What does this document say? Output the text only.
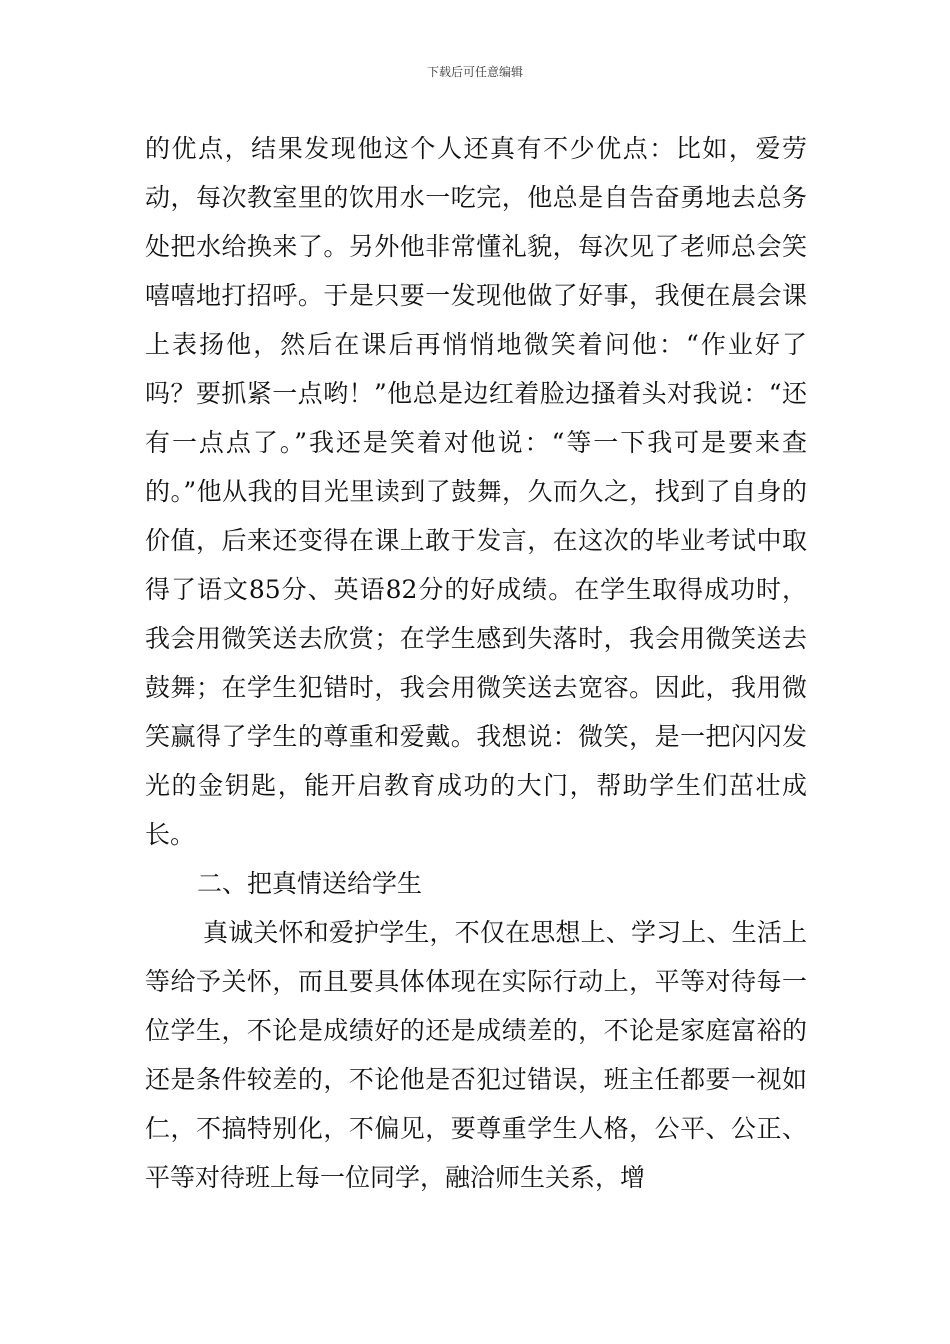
下载后可任意编辑

的优点，结果发现他这个人还真有不少优点：比如，爱劳动，每次教室里的饮用水一吃完，他总是自告奋勇地去总务处把水给换来了。另外他非常懂礼貌，每次见了老师总会笑嘻嘻地打招呼。于是只要一发现他做了好事，我便在晨会课上表扬他，然后在课后再悄悄地微笑着问他：“作业好了吗？要抓紧一点哟！”他总是边红着脸边搔着头对我说：“还有一点点了。”我还是笑着对他说：“等一下我可是要来查的。”他从我的目光里读到了鼓舞，久而久之，找到了自身的价值，后来还变得在课上敢于发言，在这次的毕业考试中取得了语文85分、英语82分的好成绩。在学生取得成功时，我会用微笑送去欣赏；在学生感到失落时，我会用微笑送去鼓舞；在学生犯错时，我会用微笑送去宽容。因此，我用微笑赢得了学生的尊重和爱戴。我想说：微笑，是一把闪闪发光的金钥匙，能开启教育成功的大门，帮助学生们茁壮成长。

二、把真情送给学生

真诚关怀和爱护学生，不仅在思想上、学习上、生活上等给予关怀，而且要具体体现在实际行动上，平等对待每一位学生，不论是成绩好的还是成绩差的，不论是家庭富裕的还是条件较差的，不论他是否犯过错误，班主任都要一视如仁，不搞特别化，不偏见，要尊重学生人格，公平、公正、平等对待班上每一位同学，融洽师生关系，增
